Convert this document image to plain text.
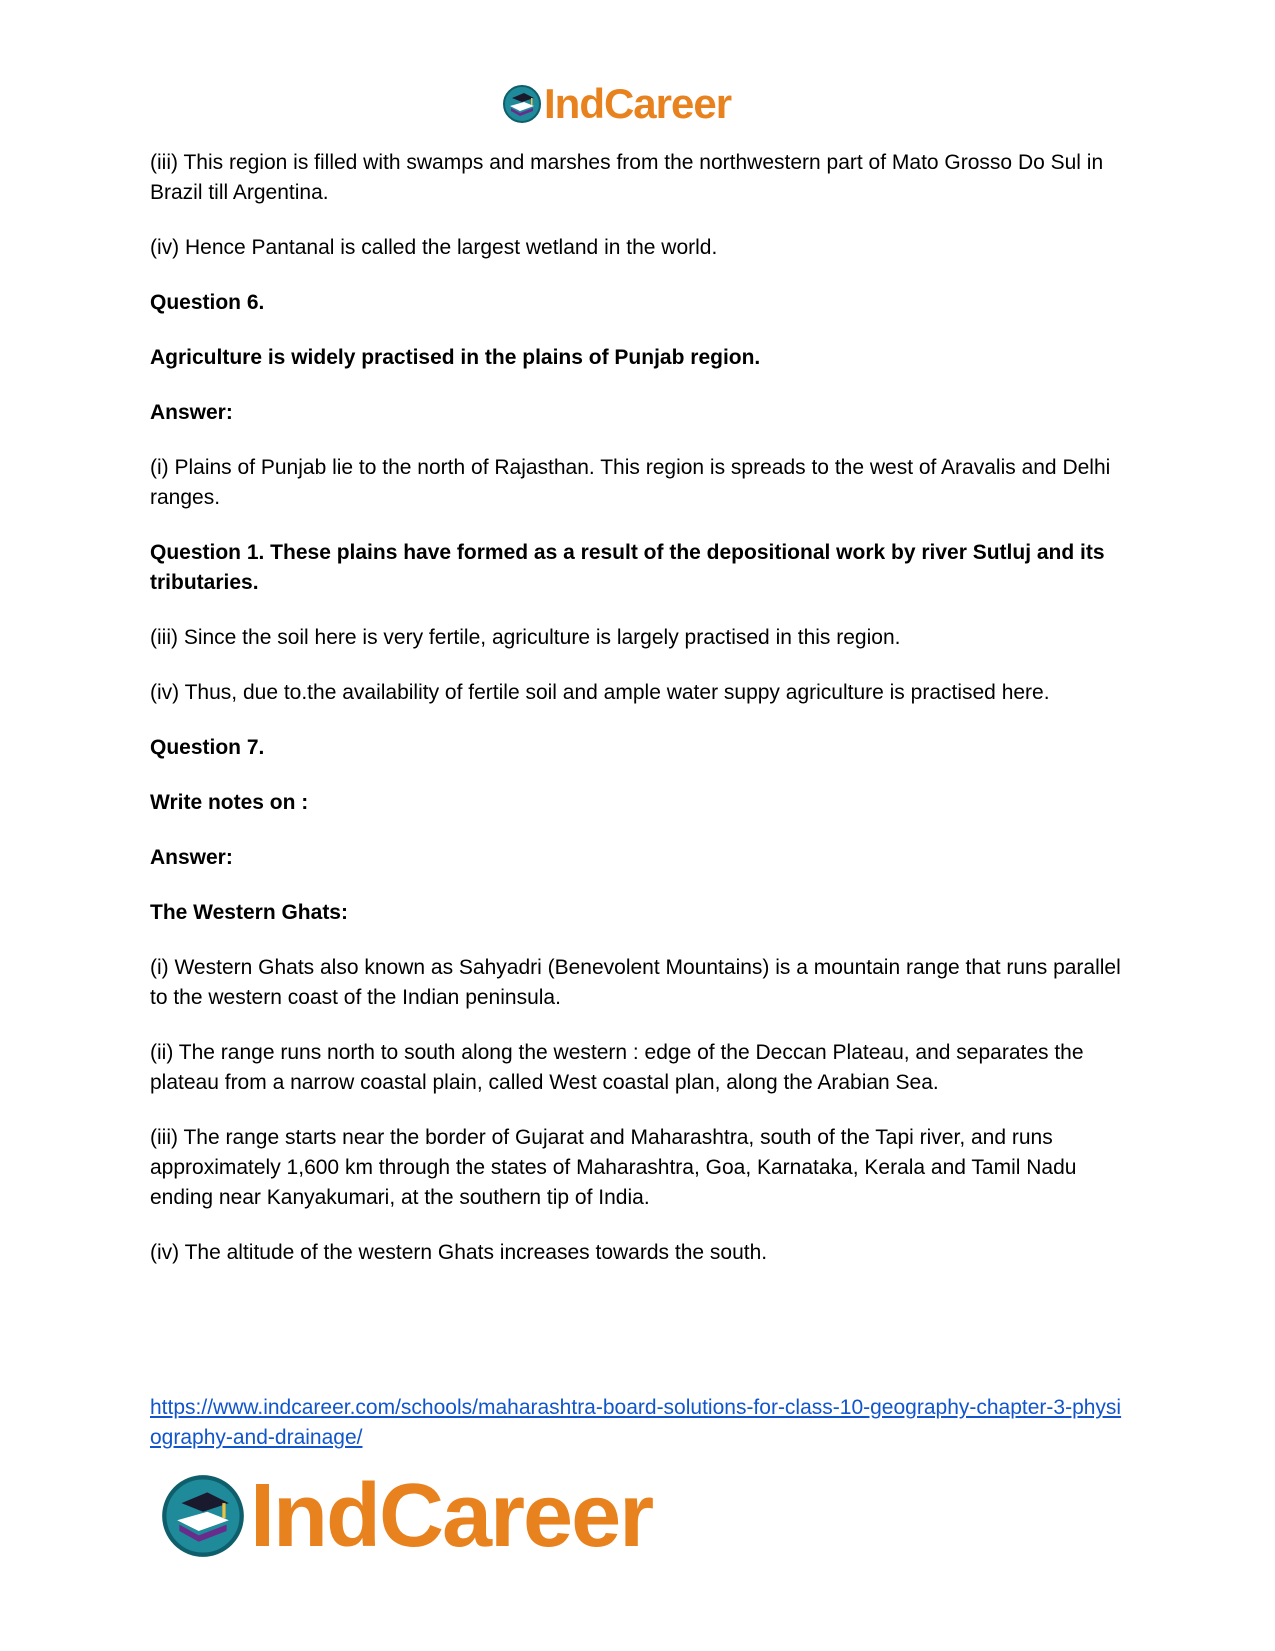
IndCareer

(iii) This region is filled with swamps and marshes from the northwestern part of Mato Grosso Do Sul in Brazil till Argentina.

(iv) Hence Pantanal is called the largest wetland in the world.

Question 6.

Agriculture is widely practised in the plains of Punjab region.

Answer:

(i) Plains of Punjab lie to the north of Rajasthan. This region is spreads to the west of Aravalis and Delhi ranges.

Question 1. These plains have formed as a result of the depositional work by river Sutluj and its tributaries.

(iii) Since the soil here is very fertile, agriculture is largely practised in this region.

(iv) Thus, due to.the availability of fertile soil and ample water suppy agriculture is practised here.

Question 7.

Write notes on :

Answer:

The Western Ghats:

(i) Western Ghats also known as Sahyadri (Benevolent Mountains) is a mountain range that runs parallel to the western coast of the Indian peninsula.

(ii) The range runs north to south along the western : edge of the Deccan Plateau, and separates the plateau from a narrow coastal plain, called West coastal plan, along the Arabian Sea.

(iii) The range starts near the border of Gujarat and Maharashtra, south of the Tapi river, and runs approximately 1,600 km through the states of Maharashtra, Goa, Karnataka, Kerala and Tamil Nadu ending near Kanyakumari, at the southern tip of India.

(iv) The altitude of the western Ghats increases towards the south.

https://www.indcareer.com/schools/maharashtra-board-solutions-for-class-10-geography-chapter-3-physiography-and-drainage/
IndCareer
